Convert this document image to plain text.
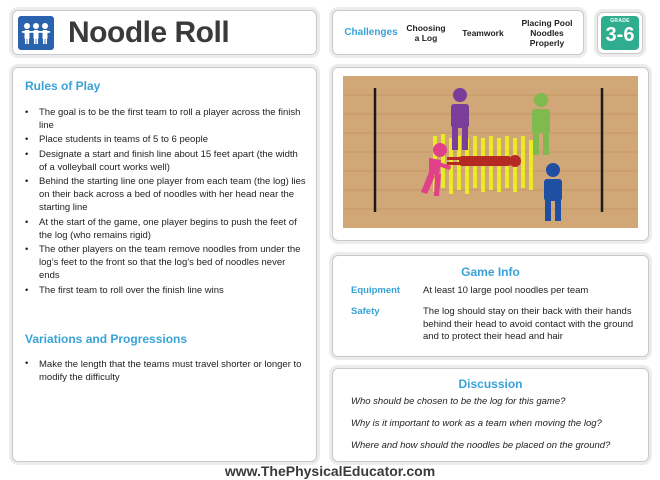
Noodle Roll	Challenges	Choosing a Log	Teamwork
Placing Pool Noodles Properly
GRADE
3-6
Rules of Play
• The goal is to be the first team to roll a player across the finish line
• Place students in teams of 5 to 6 people
• Designate a start and finish line about 15 feet apart (the width of a volleyball court works well)
• Behind the starting line one player from each team (the log) lies on their back across a bed of noodles with her head near the starting line
• At the start of the game, one player begins to push the feet of the log (who remains rigid)
• The other players on the team remove noodles from under the log’s feet to the front so that the log’s bed of noodles never ends
• The first team to roll over the finish line wins
Variations and Progressions
• Make the length that the teams must travel shorter or longer to modify the difficulty
Game Info
Equipment At least 10 large pool noodles per team
Safety	The log should stay on their back with their hands behind their head to avoid contact with the ground and to protect their head and hair
Discussion
Who should be chosen to be the log for this game?
Why is it important to work as a team when moving the log?
Where and how should the noodles be placed on the ground?
www.ThePhysicalEducator.com
